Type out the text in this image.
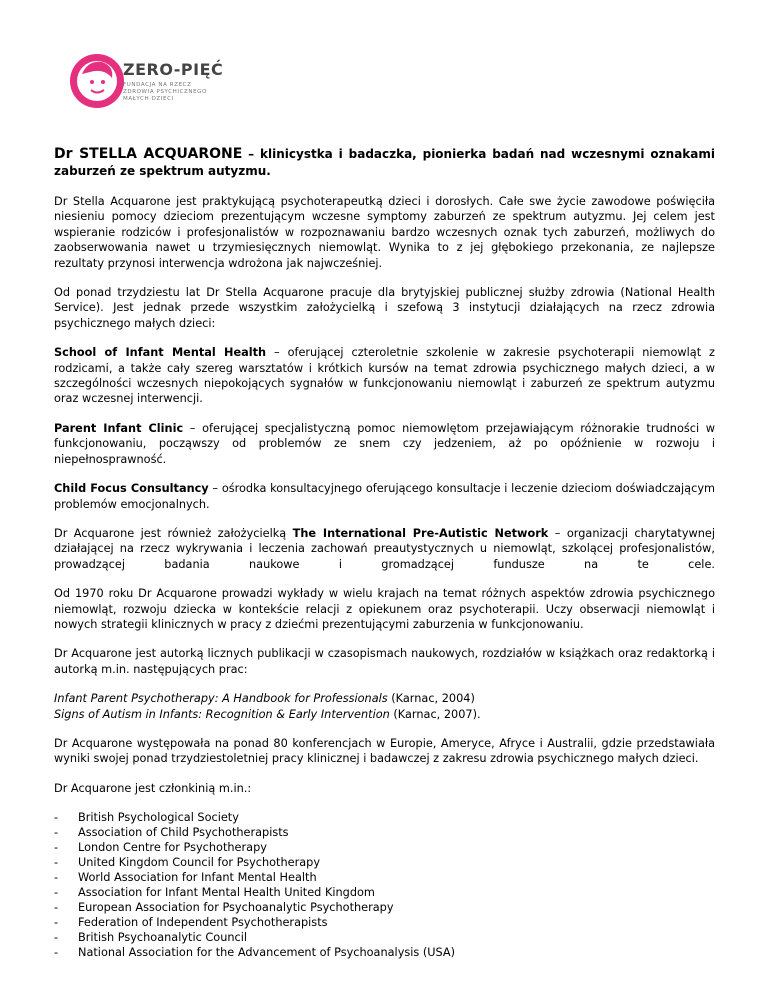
ZERO-PIĘĆ
FUNDACJA NA RZECZ
ZDROWIA PSYCHICZNEGO
MAŁYCH DZIECI

Dr STELLA ACQUARONE – klinicystka i badaczka, pionierka badań nad wczesnymi oznakami zaburzeń ze spektrum autyzmu.

Dr Stella Acquarone jest praktykującą psychoterapeutką dzieci i dorosłych. Całe swe życie zawodowe poświęciła niesieniu pomocy dzieciom prezentującym wczesne symptomy zaburzeń ze spektrum autyzmu. Jej celem jest wspieranie rodziców i profesjonalistów w rozpoznawaniu bardzo wczesnych oznak tych zaburzeń, możliwych do zaobserwowania nawet u trzymiesięcznych niemowląt. Wynika to z jej głębokiego przekonania, ze najlepsze rezultaty przynosi interwencja wdrożona jak najwcześniej.

Od ponad trzydziestu lat Dr Stella Acquarone pracuje dla brytyjskiej publicznej służby zdrowia (National Health Service). Jest jednak przede wszystkim założycielką i szefową 3 instytucji działających na rzecz zdrowia psychicznego małych dzieci:

School of Infant Mental Health – oferującej czteroletnie szkolenie w zakresie psychoterapii niemowląt z rodzicami, a także cały szereg warsztatów i krótkich kursów na temat zdrowia psychicznego małych dzieci, a w szczególności wczesnych niepokojących sygnałów w funkcjonowaniu niemowląt i zaburzeń ze spektrum autyzmu oraz wczesnej interwencji.

Parent Infant Clinic – oferującej specjalistyczną pomoc niemowlętom przejawiającym różnorakie trudności w funkcjonowaniu, począwszy od problemów ze snem czy jedzeniem, aż po opóźnienie w rozwoju i niepełnosprawność.

Child Focus Consultancy – ośrodka konsultacyjnego oferującego konsultacje i leczenie dzieciom doświadczającym problemów emocjonalnych.

Dr Acquarone jest również założycielką The International Pre-Autistic Network – organizacji charytatywnej działającej na rzecz wykrywania i leczenia zachowań preautystycznych u niemowląt, szkolącej profesjonalistów, prowadzącej badania naukowe i gromadzącej fundusze na te cele.

Od 1970 roku Dr Acquarone prowadzi wykłady w wielu krajach na temat różnych aspektów zdrowia psychicznego niemowląt, rozwoju dziecka w kontekście relacji z opiekunem oraz psychoterapii. Uczy obserwacji niemowląt i nowych strategii klinicznych w pracy z dziećmi prezentującymi zaburzenia w funkcjonowaniu.

Dr Acquarone jest autorką licznych publikacji w czasopismach naukowych, rozdziałów w książkach oraz redaktorką i autorką m.in. następujących prac:

Infant Parent Psychotherapy: A Handbook for Professionals (Karnac, 2004)
Signs of Autism in Infants: Recognition & Early Intervention (Karnac, 2007).

Dr Acquarone występowała na ponad 80 konferencjach w Europie, Ameryce, Afryce i Australii, gdzie przedstawiała wyniki swojej ponad trzydziestoletniej pracy klinicznej i badawczej z zakresu zdrowia psychicznego małych dzieci.

Dr Acquarone jest członkinią m.in.:

- British Psychological Society
- Association of Child Psychotherapists
- London Centre for Psychotherapy
- United Kingdom Council for Psychotherapy
- World Association for Infant Mental Health
- Association for Infant Mental Health United Kingdom
- European Association for Psychoanalytic Psychotherapy
- Federation of Independent Psychotherapists
- British Psychoanalytic Council
- National Association for the Advancement of Psychoanalysis (USA)
